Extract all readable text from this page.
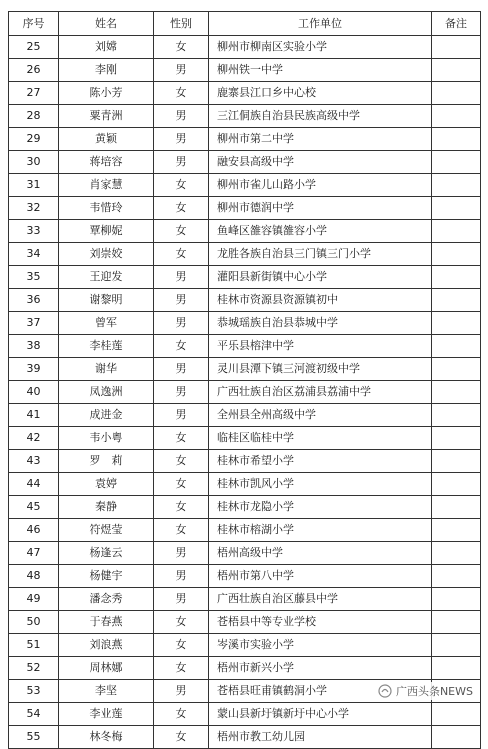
序号	姓名	性别	工作单位	备注
25	刘嫦	女	柳州市柳南区实验小学	
26	李刚	男	柳州铁一中学	
27	陈小芳	女	鹿寨县江口乡中心校	
28	粟青洲	男	三江侗族自治县民族高级中学	
29	黄颖	男	柳州市第二中学	
30	蒋培容	男	融安县高级中学	
31	肖家慧	女	柳州市雀儿山路小学	
32	韦惜玲	女	柳州市德润中学	
33	覃柳妮	女	鱼峰区雒容镇雒容小学	
34	刘崇姣	女	龙胜各族自治县三门镇三门小学	
35	王迎发	男	灌阳县新街镇中心小学	
36	谢黎明	男	桂林市资源县资源镇初中	
37	曾军	男	恭城瑶族自治县恭城中学	
38	李桂莲	女	平乐县榕津中学	
39	谢华	男	灵川县潭下镇三河渡初级中学	
40	凤逸洲	男	广西壮族自治区荔浦县荔浦中学	
41	成进金	男	全州县全州高级中学	
42	韦小粤	女	临桂区临桂中学	
43	罗　莉	女	桂林市希望小学	
44	袁婷	女	桂林市凯风小学	
45	秦静	女	桂林市龙隐小学	
46	符煜莹	女	桂林市榕湖小学	
47	杨逢云	男	梧州高级中学	
48	杨健宇	男	梧州市第八中学	
49	潘念秀	男	广西壮族自治区藤县中学	
50	于春燕	女	苍梧县中等专业学校	
51	刘浪燕	女	岑溪市实验小学	
52	周林娜	女	梧州市新兴小学	
53	李坚	男	苍梧县旺甫镇鹤洞小学	
54	李业莲	女	蒙山县新圩镇新圩中心小学	
55	林冬梅	女	梧州市教工幼儿园	
广西头条NEWS
